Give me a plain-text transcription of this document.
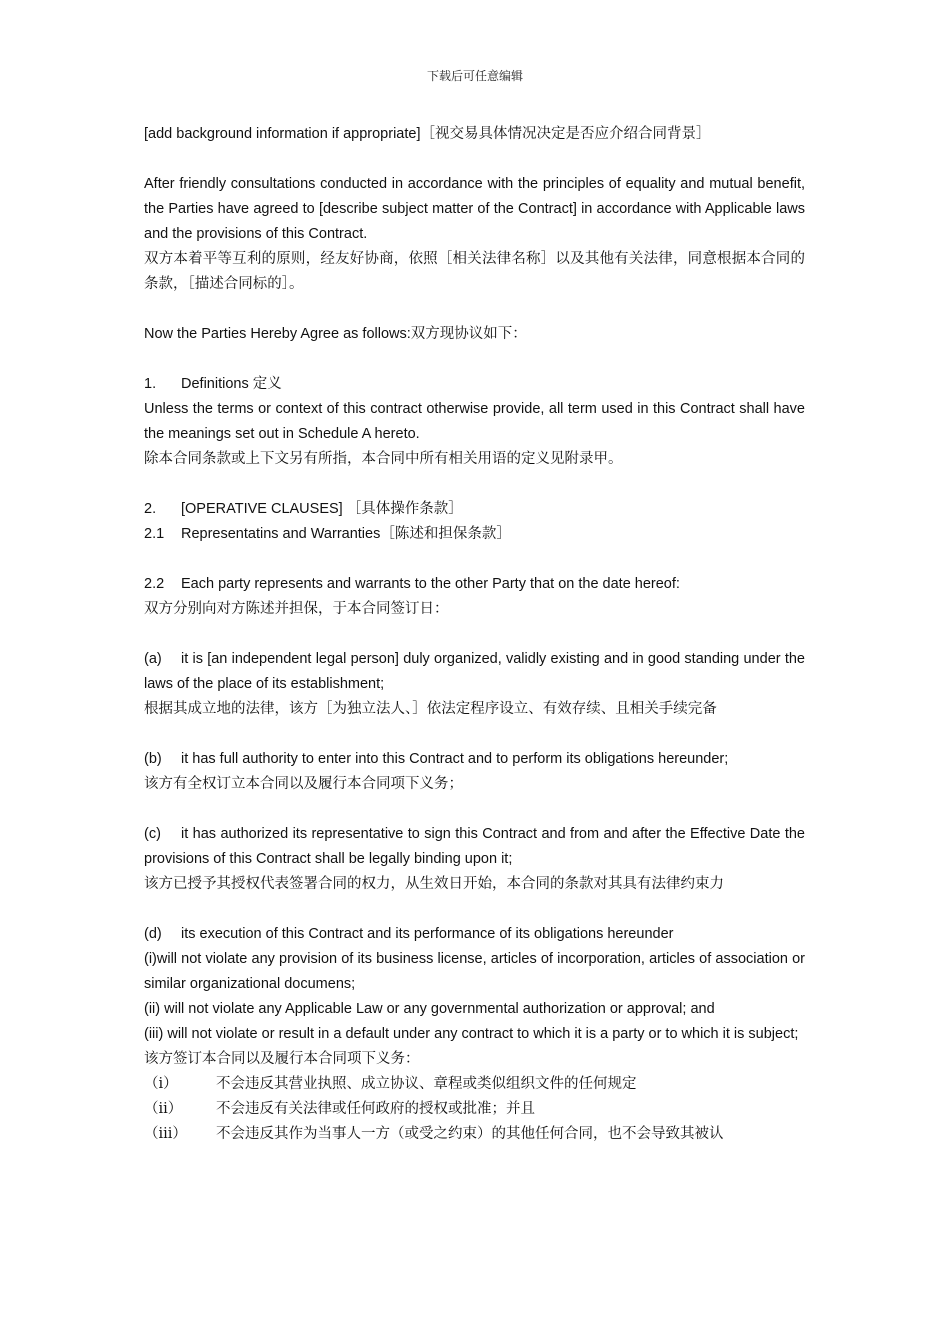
下载后可任意编辑

[add background information if appropriate]［视交易具体情况决定是否应介绍合同背景］

After friendly consultations conducted in accordance with the principles of equality and mutual benefit, the Parties have agreed to [describe subject matter of the Contract] in accordance with Applicable laws and the provisions of this Contract.

双方本着平等互利的原则，经友好协商，依照［相关法律名称］以及其他有关法律，同意根据本合同的条款，［描述合同标的］。

Now the Parties Hereby Agree as follows:双方现协议如下：

1. Definitions 定义

Unless the terms or context of this contract otherwise provide, all term used in this Contract shall have the meanings set out in Schedule A hereto.

除本合同条款或上下文另有所指，本合同中所有相关用语的定义见附录甲。

2. [OPERATIVE CLAUSES] ［具体操作条款］

2.1 Representatins and Warranties［陈述和担保条款］

2.2 Each party represents and warrants to the other Party that on the date hereof:

双方分别向对方陈述并担保，于本合同签订日：

(a) it is [an independent legal person] duly organized, validly existing and in good standing under the laws of the place of its establishment;

根据其成立地的法律，该方［为独立法人、］依法定程序设立、有效存续、且相关手续完备

(b) it has full authority to enter into this Contract and to perform its obligations hereunder;

该方有全权订立本合同以及履行本合同项下义务；

(c) it has authorized its representative to sign this Contract and from and after the Effective Date the provisions of this Contract shall be legally binding upon it;

该方已授予其授权代表签署合同的权力，从生效日开始，本合同的条款对其具有法律约束力

(d) its execution of this Contract and its performance of its obligations hereunder

(i)will not violate any provision of its business license, articles of incorporation, articles of association or similar organizational documens;

(ii) will not violate any Applicable Law or any governmental authorization or approval; and

(iii) will not violate or result in a default under any contract to which it is a party or to which it is subject;

该方签订本合同以及履行本合同项下义务：

（i）	不会违反其营业执照、成立协议、章程或类似组织文件的任何规定

（ii） 不会违反有关法律或任何政府的授权或批准；并且

（iii） 不会违反其作为当事人一方（或受之约束）的其他任何合同，也不会导致其被认
